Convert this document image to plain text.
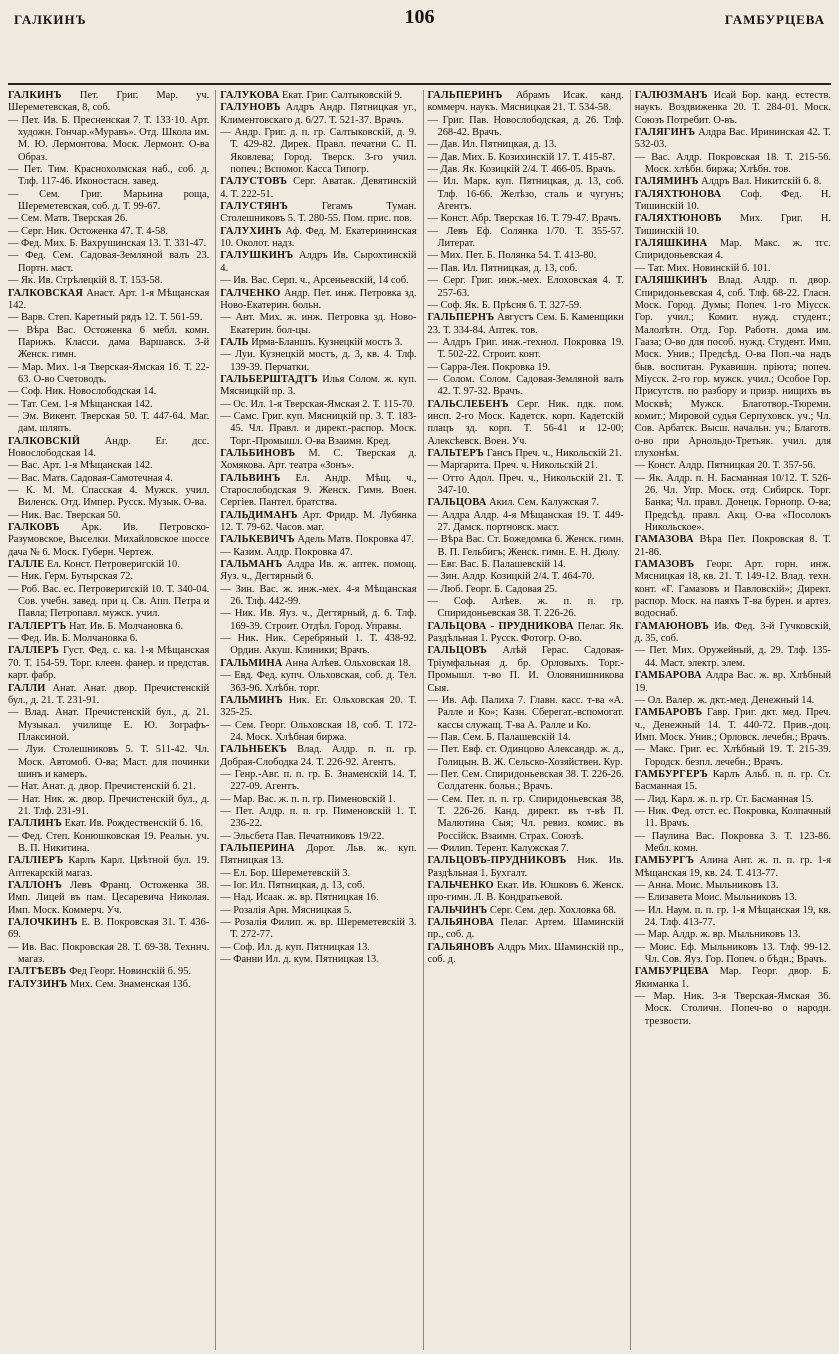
ГАЛКИНЪ	106	ГАМБУРЦЕВА

ГАЛКИНЪ Пет. Григ. Мар. уч. Шереметевская, 8, соб.

— Пет. Ив. Б. Пресненская 7. Т. 133·10. Арт. художн. Гончар.«Муравъ». Отд. Школа им. М. Ю. Лермонтова. Моск. Лермонт. О-ва Образ.

— Пет. Тим. Краснохолмская наб., соб. д. Тлф. 117-46. Иконостасн. завед.

— Сем. Григ. Марьина роща, Шереметевская, соб. д. Т. 99-67.

— Сем. Матв. Тверская 26.

— Серг. Ник. Остоженка 47. Т. 4-58.

— Фед. Мих. Б. Вахрушинская 13. Т. 331-47.

— Фед. Сем. Садовая-Земляной валъ 23. Портн. маст.

— Як. Ив. Стрѣлецкiй 8. Т. 153-58.

ГАЛКОВСКАЯ Анаст. Арт. 1-я Мѣщанская 142.

— Варв. Степ. Каретный рядъ 12. Т. 561-59.

— Вѣра Вас. Остоженка 6 мебл. комн. Парижъ. Класси. дама Варшавск. 3-й Женск. гимн.

— Мар. Мих. 1-я Тверская-Ямская 16. Т. 22-63. О-во Счетоводъ.

— Соф. Ник. Новослободская 14.

— Тат. Сем. 1-я Мѣщанская 142.

— Эм. Викент. Тверская 50. Т. 447-64. Маг. дам. шляпъ.

ГАЛКОВСКIЙ Андр. Ег. дсс. Новослободская 14.

— Вас. Арт. 1-я Мѣщанская 142.

— Вас. Матв. Садовая-Самотечная 4.

— К. М. М. Спасская 4. Мужск. учил. Виленск. Отд. Импер. Русск. Музык. О-ва.

— Ник. Вас. Тверская 50.

ГАЛКОВЪ Арк. Ив. Петровско-Разумовское, Выселки. Михайловское шоссе дача № 6. Моск. Губерн. Чертеж.

ГАЛЛЕ Ел. Конст. Петроверигскiй 10.

— Ник. Герм. Бутырская 72.

— Роб. Вас. ес. Петроверигскiй 10. Т. 340-04. Сов. учебн. завед. при ц. Св. Апп. Петра и Павла; Петропавл. мужск. учил.

ГАЛЛЕРТЪ Нат. Ив. Б. Молчановка 6.

— Фед. Ив. Б. Молчановка 6.

ГАЛЛЕРЪ Густ. Фед. с. ка. 1-я Мѣщанская 70. Т. 154-59. Торг. клеен. фанер. и представ. карт. фабр.

ГАЛЛИ Анат. Анат. двор. Пречистенскiй бул., д. 21. Т. 231-91.

— Влад. Анат. Пречистенскiй бул., д. 21. Музыкал. училище Е. Ю. Зографъ-Плаксиной.

— Луи. Столешниковъ 5. Т. 511-42. Чл. Моск. Автомоб. О-ва; Маст. для починки шинъ и камеръ.

— Нат. Анат. д. двор. Пречистенскiй б. 21.

— Нат. Ник. ж. двор. Пречистенскiй бул., д. 21. Тлф. 231-91.

ГАЛЛИНЪ Екат. Ив. Рождественскiй б. 16.

— Фед. Степ. Конюшковская 19. Реальн. уч. В. П. Никитина.

ГАЛЛIЕРЪ Карлъ Карл. Цвѣтной бул. 19. Аптекарскiй магаз.

ГАЛЛОНЪ Левъ Франц. Остоженка 38. Имп. Лицей въ пам. Цесаревича Николая. Имп. Моск. Коммерч. Уч.

ГАЛОЧКИНЪ Е. В. Покровская 31. Т. 436-69.

— Ив. Вас. Покровская 28. Т. 69-38. Техннч. магаз.

ГАЛТѢЕВЪ Фед Георг. Новинскiй б. 95.

ГАЛУЗИНЪ Мих. Сем. Знаменская 13б.

ГАЛУКОВА Екат. Григ. Салтыковскiй 9.

ГАЛУНОВЪ Алдръ Андр. Пятницкая уг., Климентовскаго д. 6/27. Т. 521-37. Врачъ.

— Андр. Григ. д. п. гр. Салтыковскiй, д. 9. Т. 429-82. Дирек. Правл. печатни С. П. Яковлева; Город. Тверск. 3-го учил. попеч.; Вспомог. Касса Типогр.

ГАЛУСТОВЪ Серг. Аватак. Девятинскiй 4. Т. 222-51.

ГАЛУСТЯНЪ	Гегамъ Туман. Столешниковъ 5. Т. 280-55. Пом. прис. пов.

ГАЛУХИНЪ Аф. Фед. М. Екатерининская 10. Околот. надз.

ГАЛУШКИНЪ Алдръ Ив. Сырохтинскiй 4.

— Ив. Вас. Серп. ч., Арсеньевскiй, 14 соб.

ГАЛЧЕНКО Андр. Пет. инж. Петровка зд. Ново-Екатерин. больн.

— Ант. Мих. ж. инж. Петровка зд. Ново-Екатерин. бол-цы.

ГАЛЬ Ирма-Бланшъ. Кузнецкiй мостъ 3.

— Луи. Кузнецкiй мостъ, д. 3, кв. 4. Тлф. 139-39. Перчатки.

ГАЛЬБЕРШТАДТЪ Илья Солом. ж. куп. Мясницкiй пр. 3.

— Ос. Ил. 1-я Тверская-Ямская 2. Т. 115-70.

— Самс. Григ. куп. Мясницкiй пр. 3. Т. 183-45. Чл. Правл. и директ.-распор. Моск. Торг.-Промышл. О-ва Взаимн. Кред.

ГАЛЬБИНОВЪ М. С. Тверская д. Хомякова. Арт. театра «Зонъ».

ГАЛЬВИНЪ Ел. Андр. Мѣщ. ч., Старослободская 9. Женск. Гимн. Воен. Сергiев. Пантел. братства.

ГАЛЬДИМАНЪ Арт. Фридр. М. Лубянка 12. Т. 79-62. Часов. маг.

ГАЛЬКЕВИЧЪ Адель Матв. Покровка 47.

— Казим. Алдр. Покровка 47.

ГАЛЬМАНЪ Алдра Ив. ж. аптек. помощ. Яуз. ч., Дегтярный 6.

— Зин. Вас. ж. инж.-мех. 4-я Мѣщанская 26. Тлф. 442-99.

— Ник. Ив. Яуз. ч., Дегтярный, д. 6. Тлф. 169-39. Строит. Отдѣл. Город. Управы.

— Ник. Ник. Серебряный 1. Т. 438-92. Ордин. Акуш. Клиники; Врачъ.

ГАЛЬМИНА Анна Алѣев. Ольховская 18.

— Евд. Фед. купч. Ольховская, соб. д. Тел. 363-96. Хлѣбн. торг.

ГАЛЬМИНЪ Ник. Ег. Ольховская 20. Т. 325-25.

— Сем. Георг. Ольховская 18, соб. Т. 172-24. Моск. Хлѣбная биржа.

ГАЛЬНБЕКЪ Влад. Алдр. п. п. гр. Добрая-Слободка 24. Т. 226-92. Агентъ.

— Генр.-Авг. п. п. гр. Б. Знаменскiй 14. Т. 227-09. Агентъ.

— Мар. Вас. ж. п. п. гр. Пименовскiй 1.

— Пет. Алдр. п. п. гр. Пименовскiй 1. Т. 236-22.

— Эльсбета Пав. Печатниковъ 19/22.

ГАЛЬПЕРИНА Дорот. Льв. ж. куп. Пятницкая 13.

— Ел. Бор. Шереметевскiй 3.

— Iог. Ил. Пятницкая, д. 13, соб.

— Над. Исаак. ж. вр. Пятницкая 16.

— Розалiя Арн. Мясницкая 5.

— Розалiя Филип. ж. вр. Шереметевскiй 3. Т. 272-77.

— Соф. Ил. д. куп. Пятницкая 13.

— Фанни Ил. д. кум. Пятницкая 13.

ГАЛЬПЕРИНЪ Абрамъ Исак. канд. коммерч. наукъ. Мясницкая 21. Т. 534-58.

— Григ. Пав. Новослободская, д. 26. Тлф. 268-42. Врачъ.

— Дав. Ил. Пятницкая, д. 13.

— Дав. Мих. Б. Козихинскiй 17. Т. 415-87.

— Дав. Як. Козицкiй 2/4. Т. 466-05. Врачъ.

— Ил. Марк. куп. Пятницкая, д. 13, соб. Тлф. 16-66. Желѣзо, сталь и чугунъ; Агентъ.

— Конст. Абр. Тверская 16. Т. 79-47. Врачъ.

— Левъ Еф. Солянка 1/70. Т. 355-57. Литерат.

— Мих. Пет. Б. Полянка 54. Т. 413-80.

— Пав. Ил. Пятницкая, д. 13, соб.

— Серг. Григ. инж.-мех. Елоховская 4. Т. 257-63.

— Соф. Як. Б. Прѣсня 6. Т. 327-59.

ГАЛЬПЕРНЪ Августъ Сем. Б. Каменщики 23. Т. 334-84. Аптек. тов.

— Алдръ Григ. инж.-технол. Покровка 19. Т. 502-22. Строит. конт.

— Сарра-Лея. Покровка 19.

— Солом. Солом. Садовая-Земляной валъ 42. Т. 97-32. Врачъ.

ГАЛЬСЛЕБЕНЪ Серг. Ник. пдк. пом. инсп. 2-го Моск. Кадетск. корп. Кадетскiй плацъ зд. корп. Т. 56-41 и 12-00; Алексѣевск. Воен. Уч.

ГАЛЬТЕРЪ Гансъ Преч. ч., Никольскiй 21.

— Маргарита. Преч. ч. Никольскiй 21.

— Отто Адол. Преч. ч., Никольскiй 21. Т. 347-10.

ГАЛЬЦОВА Акил. Сем. Калужская 7.

— Алдра Алдр. 4-я Мѣщанская 19. Т. 449-27. Дамск. портновск. маст.

— Вѣра Вас. Ст. Божедомка 6. Женск. гимн. В. П. Гельбигъ; Женск. гимн. Е. Н. Дюлу.

— Евг. Вас. Б. Палашевскiй 14.

— Зин. Алдр. Козицкiй 2/4. Т. 464-70.

— Люб. Георг. Б. Садовая 25.

— Соф. Алѣев. ж. п. п. гр. Спиридоньевская 38. Т. 226-26.

ГАЛЬЦОВА - ПРУДНИКОВА Пелаг. Як. Раздѣльная 1. Русск. Фотогр. О-во.

ГАЛЬЦОВЪ Алѣй Герас. Садовая-Трiумфальная д. бр. Орловыхъ. Торг.-Промышл. т-во П. И. Оловянишникова Сыя.

— Ив. Аф. Палиха 7. Главн. касс. т-ва «А. Ралле и Ко»; Казн. Сберегат.-вспомогат. кассы служащ. Т-ва А. Ралле и Ко.

— Пав. Сем. Б. Палашевскiй 14.

— Пет. Евф. ст. Одинцово Александр. ж. д., Голицын. В. Ж. Сельско-Хозяйствен. Кур.

— Пет. Сем. Спиридоньевская 38. Т. 226-26. Солдатенк. больн.; Врачъ.

— Сем. Пет. п. п. гр. Спиридоньевская 38, Т. 226-26. Канд. директ. въ т-вѣ П. Малютина Сыя; Чл. ревиз. комис. въ Россiйск. Взаимн. Страх. Союзѣ.

— Филип. Терент. Калужская 7.

ГАЛЬЦОВЪ-ПРУДНИКОВЪ Ник. Ив. Раздѣльная 1. Бухгалт.

ГАЛЬЧЕНКО Екат. Ив. Юшковъ 6. Женск. про-гимн. Л. В. Кондратьевой.

ГАЛЬЧИНЪ Серг. Сем. дер. Хохловка 68.

ГАЛЬЯНОВА Пелаг. Артем. Шаминскiй пр., соб. д.

ГАЛЬЯНОВЪ Алдръ Мих. Шаминскiй пр., соб. д.

ГАЛЮЗМАНЪ Исай Бор. канд. естеств. наукъ. Воздвиженка 20. Т. 284-01. Моск. Союзъ Потребит. О-въ.

ГАЛЯГИНЪ Алдра Вас. Ирининская 42. Т. 532-03.

— Вас. Алдр. Покровская 18. Т. 215-56. Моск. хлѣбн. биржа; Хлѣбн. тов.

ГАЛЯМИНЪ Алдръ Вал. Никитскiй 6. 8.

ГАЛЯХТЮНОВА Соф. Фед. Н. Тишинскiй 10.

ГАЛЯХТЮНОВЪ Мих. Григ. Н. Тишинскiй 10.

ГАЛЯШКИНА Мар. Макс. ж. тгс. Спиридоньевская 4.

— Тат. Мих. Новинскiй б. 101.

ГАЛЯШКИНЪ Влад. Алдр. п. двор. Спиридоньевская 4, соб. Тлф. 68-22. Гласн. Моск. Город. Думы; Попеч. 1-го Мiусск. Гор. учил.; Комит. нужд. студент.; Малолѣтн. Отд. Гор. Работн. дома им. Гааза; О-во для пособ. нужд. Студент. Имп. Моск. Унив.; Предсѣд. О-ва Поп.-ча надъ быв. воспитан. Рукавишн. прiюта; попеч. Мiусск. 2-го гор. мужск. учил.; Особое Гор. Присутств. по разбору и призр. нищихъ въ Москвѣ; Мужск. Благотвор.-Тюремн. комит.; Мировой судья Серпуховск. уч.; Чл. Сов. Арбатск. Высш. начальн. уч.; Благотв. о-во при Арнольдо-Третьяк. учил. для глухонѣм.

— Конст. Алдр. Пятницкая 20. Т. 357-56.

— Як. Алдр. п. Н. Басманная 10/12. Т. 526-26. Чл. Упр. Моск. отд. Сибирск. Торг. Банка; Чл. правл. Донецк. Горнопр. О-ва; Предсѣд. правл. Акц. О-ва «Посолокъ Никольское».

ГАМАЗОВА Вѣра Пет. Покровская 8. Т. 21-86.

ГАМАЗОВЪ Георг. Арт. горн. инж. Мясницкая 18, кв. 21. Т. 149-12. Влад. техн. конт. «Г. Гамазовъ и Павловскiй»; Директ. распор. Моск. на паяхъ Т-ва бурен. и артез. водоснаб.

ГАМАЮНОВЪ Ив. Фед. 3-й Гучковскiй, д. 35, соб.

— Пет. Мих. Оружейный, д. 29. Тлф. 135-44. Маст. электр. элем.

ГАМБАРОВА Алдра Вас. ж. вр. Хлѣбный 19.

— Ол. Валер. ж. дкт.-мед. Денежный 14.

ГАМБАРОВЪ Гавр. Григ. дкт. мед. Преч. ч., Денежный 14. Т. 440-72. Прив.-доц. Имп. Моск. Унив.; Орловск. лечебн.; Врачъ.

— Макс. Григ. ес. Хлѣбный 19. Т. 215-39. Городск. безпл. лечебн.; Врачъ.

ГАМБУРГЕРЪ Карлъ Альб. п. п. гр. Ст. Басманная 15.

— Лид. Карл. ж. п. гр. Ст. Басманная 15.

— Ник. Фед. отст. ес. Покровка, Колпачный 11. Врачъ.

— Паулина Вас. Покровка 3. Т. 123-86. Мебл. комн.

ГАМБУРГЪ Алина Ант. ж. п. п. гр. 1-я Мѣщанская 19, кв. 24. Т. 413-77.

— Анна. Моис. Мыльниковъ 13.

— Елизавета Моис. Мыльниковъ 13.

— Ил. Наум. п. п. гр. 1-я Мѣщанская 19, кв. 24. Тлф. 413-77.

— Мар. Алдр. ж. вр. Мыльниковъ 13.

— Моис. Еф. Мыльниковъ 13. Тлф. 99-12. Чл. Сов. Яуз. Гор. Попеч. о бѣдн.; Врачъ.

ГАМБУРЦЕВА Мар. Георг. двор. Б. Якиманка 1.

— Мар. Ник. 3-я Тверская-Ямская 36. Моск. Столичн. Попеч-во о народн. трезвости.
